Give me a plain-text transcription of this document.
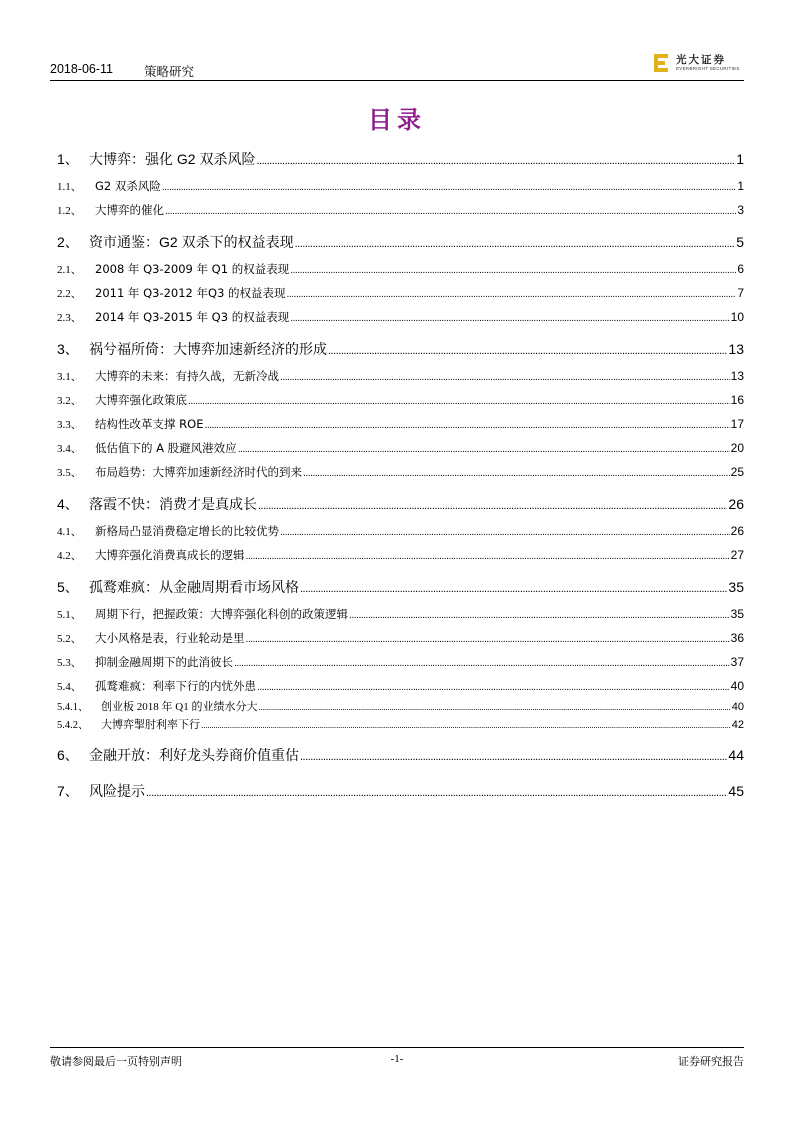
2018-06-11 策略研究
光大证券
EVERBRIGHT SECURITIES
目录
1、 大博弈：强化 G2 双杀风险 .....	1
1.1、	G2 双杀风险 .....	1
1.2、	大博弈的催化 .....	3
2、 资市通鉴：G2 双杀下的权益表现 .....	5
2.1、	2008 年 Q3-2009 年 Q1 的权益表现 .....	6
2.2、	2011 年 Q3-2012 年Q3 的权益表现 .....	7
2.3、	2014 年 Q3-2015 年 Q3 的权益表现 .....	10
3、 祸兮福所倚：大博弈加速新经济的形成 .....	13
3.1、	大博弈的未来：有持久战，无新冷战 .....	13
3.2、	大博弈强化政策底 .....	16
3.3、	结构性改革支撑 ROE .....	17
3.4、	低估值下的 A 股避风港效应 .....	20
3.5、	布局趋势：大博弈加速新经济时代的到来 .....	25
4、 落霞不快：消费才是真成长 .....	26
4.1、	新格局凸显消费稳定增长的比较优势 .....	26
4.2、	大博弈强化消费真成长的逻辑 .....	27
5、 孤鹜难疯：从金融周期看市场风格 .....	35
5.1、	周期下行，把握政策：大博弈强化科创的政策逻辑 .....	35
5.2、	大小风格是表，行业轮动是里 .....	36
5.3、	抑制金融周期下的此消彼长 .....	37
5.4、	孤鹜难疯：利率下行的内忧外患 .....	40
5.4.1、	创业板 2018 年 Q1 的业绩水分大 .....	40
5.4.2、	大博弈掣肘利率下行 .....	42
6、 金融开放：利好龙头券商价值重估 .....	44
7、 风险提示 .....	45
敬请参阅最后一页特别声明	-1-	证券研究报告
